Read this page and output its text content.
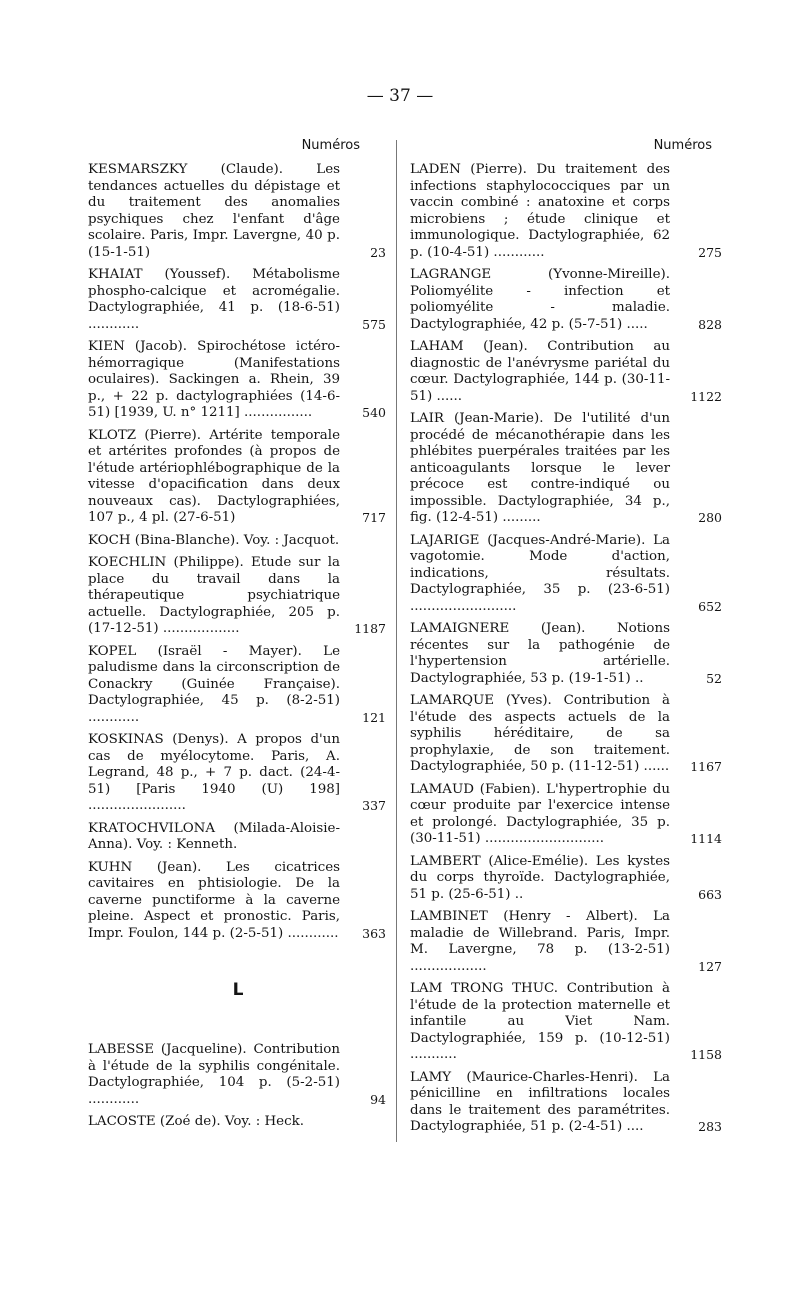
— 37 —
Numéros
KESMARSZKY (Claude). Les tendances actuelles du dépistage et du traitement des anomalies psychiques chez l'enfant d'âge scolaire. Paris, Impr. Lavergne, 40 p. (15-1-51)	23
KHAIAT (Youssef). Métabolisme phospho-calcique et acromégalie. Dactylographiée, 41 p. (18-6-51) ............	575
KIEN (Jacob). Spirochétose ictéro-hémorragique (Manifestations oculaires). Sackingen a. Rhein, 39 p., + 22 p. dactylographiées (14-6-51) [1939, U. n° 1211] ................	540
KLOTZ (Pierre). Artérite temporale et artérites profondes (à propos de l'étude artériophlébographique de la vitesse d'opacification dans deux nouveaux cas). Dactylographiées, 107 p., 4 pl. (27-6-51)	717
KOCH (Bina-Blanche). Voy. : Jacquot.
KOECHLIN (Philippe). Etude sur la place du travail dans la thérapeutique psychiatrique actuelle. Dactylographiée, 205 p. (17-12-51) ..................	1187
KOPEL (Israël - Mayer). Le paludisme dans la circonscription de Conackry (Guinée Française). Dactylographiée, 45 p. (8-2-51) ............	121
KOSKINAS (Denys). A propos d'un cas de myélocytome. Paris, A. Legrand, 48 p., + 7 p. dact. (24-4-51) [Paris 1940 (U) 198] .......................	337
KRATOCHVILONA (Milada-Aloisie-Anna). Voy. : Kenneth.
KUHN (Jean). Les cicatrices cavitaires en phtisiologie. De la caverne punctiforme à la caverne pleine. Aspect et pronostic. Paris, Impr. Foulon, 144 p. (2-5-51) ............ 363
L
LABESSE (Jacqueline). Contribution à l'étude de la syphilis congénitale. Dactylographiée, 104 p. (5-2-51) ............	94
LACOSTE (Zoé de). Voy. : Heck.
Numéros
LADEN (Pierre). Du traitement des infections staphylococciques par un vaccin combiné : anatoxine et corps microbiens ; étude clinique et immunologique. Dactylographiée, 62 p. (10-4-51) ............	275
LAGRANGE (Yvonne-Mireille). Poliomyélite - infection et poliomyélite - maladie. Dactylographiée, 42 p. (5-7-51) .....	828
LAHAM (Jean). Contribution au diagnostic de l'anévrysme pariétal du cœur. Dactylographiée, 144 p. (30-11-51) ......	1122
LAIR (Jean-Marie). De l'utilité d'un procédé de mécanothérapie dans les phlébites puerpérales traitées par les anticoagulants lorsque le lever précoce est contre-indiqué ou impossible. Dactylographiée, 34 p., fig. (12-4-51) .........	280
LAJARIGE (Jacques-André-Marie). La vagotomie. Mode d'action, indications, résultats. Dactylographiée, 35 p. (23-6-51) .........................	652
LAMAIGNERE (Jean). Notions récentes sur la pathogénie de l'hypertension artérielle. Dactylographiée, 53 p. (19-1-51) ..	52
LAMARQUE (Yves). Contribution à l'étude des aspects actuels de la syphilis héréditaire, de sa prophylaxie, de son traitement. Dactylographiée, 50 p. (11-12-51) ...... 1167
LAMAUD (Fabien). L'hypertrophie du cœur produite par l'exercice intense et prolongé. Dactylographiée, 35 p. (30-11-51) ............................	1114
LAMBERT (Alice-Emélie). Les kystes du corps thyroïde. Dactylographiée, 51 p. (25-6-51) ..	663
LAMBINET (Henry - Albert). La maladie de Willebrand. Paris, Impr. M. Lavergne, 78 p. (13-2-51) ..................	127
LAM TRONG THUC. Contribution à l'étude de la protection maternelle et infantile au Viet Nam. Dactylographiée, 159 p. (10-12-51) ...........	1158
LAMY (Maurice-Charles-Henri). La pénicilline en infiltrations locales dans le traitement des paramétrites. Dactylographiée, 51 p. (2-4-51) ....	283
